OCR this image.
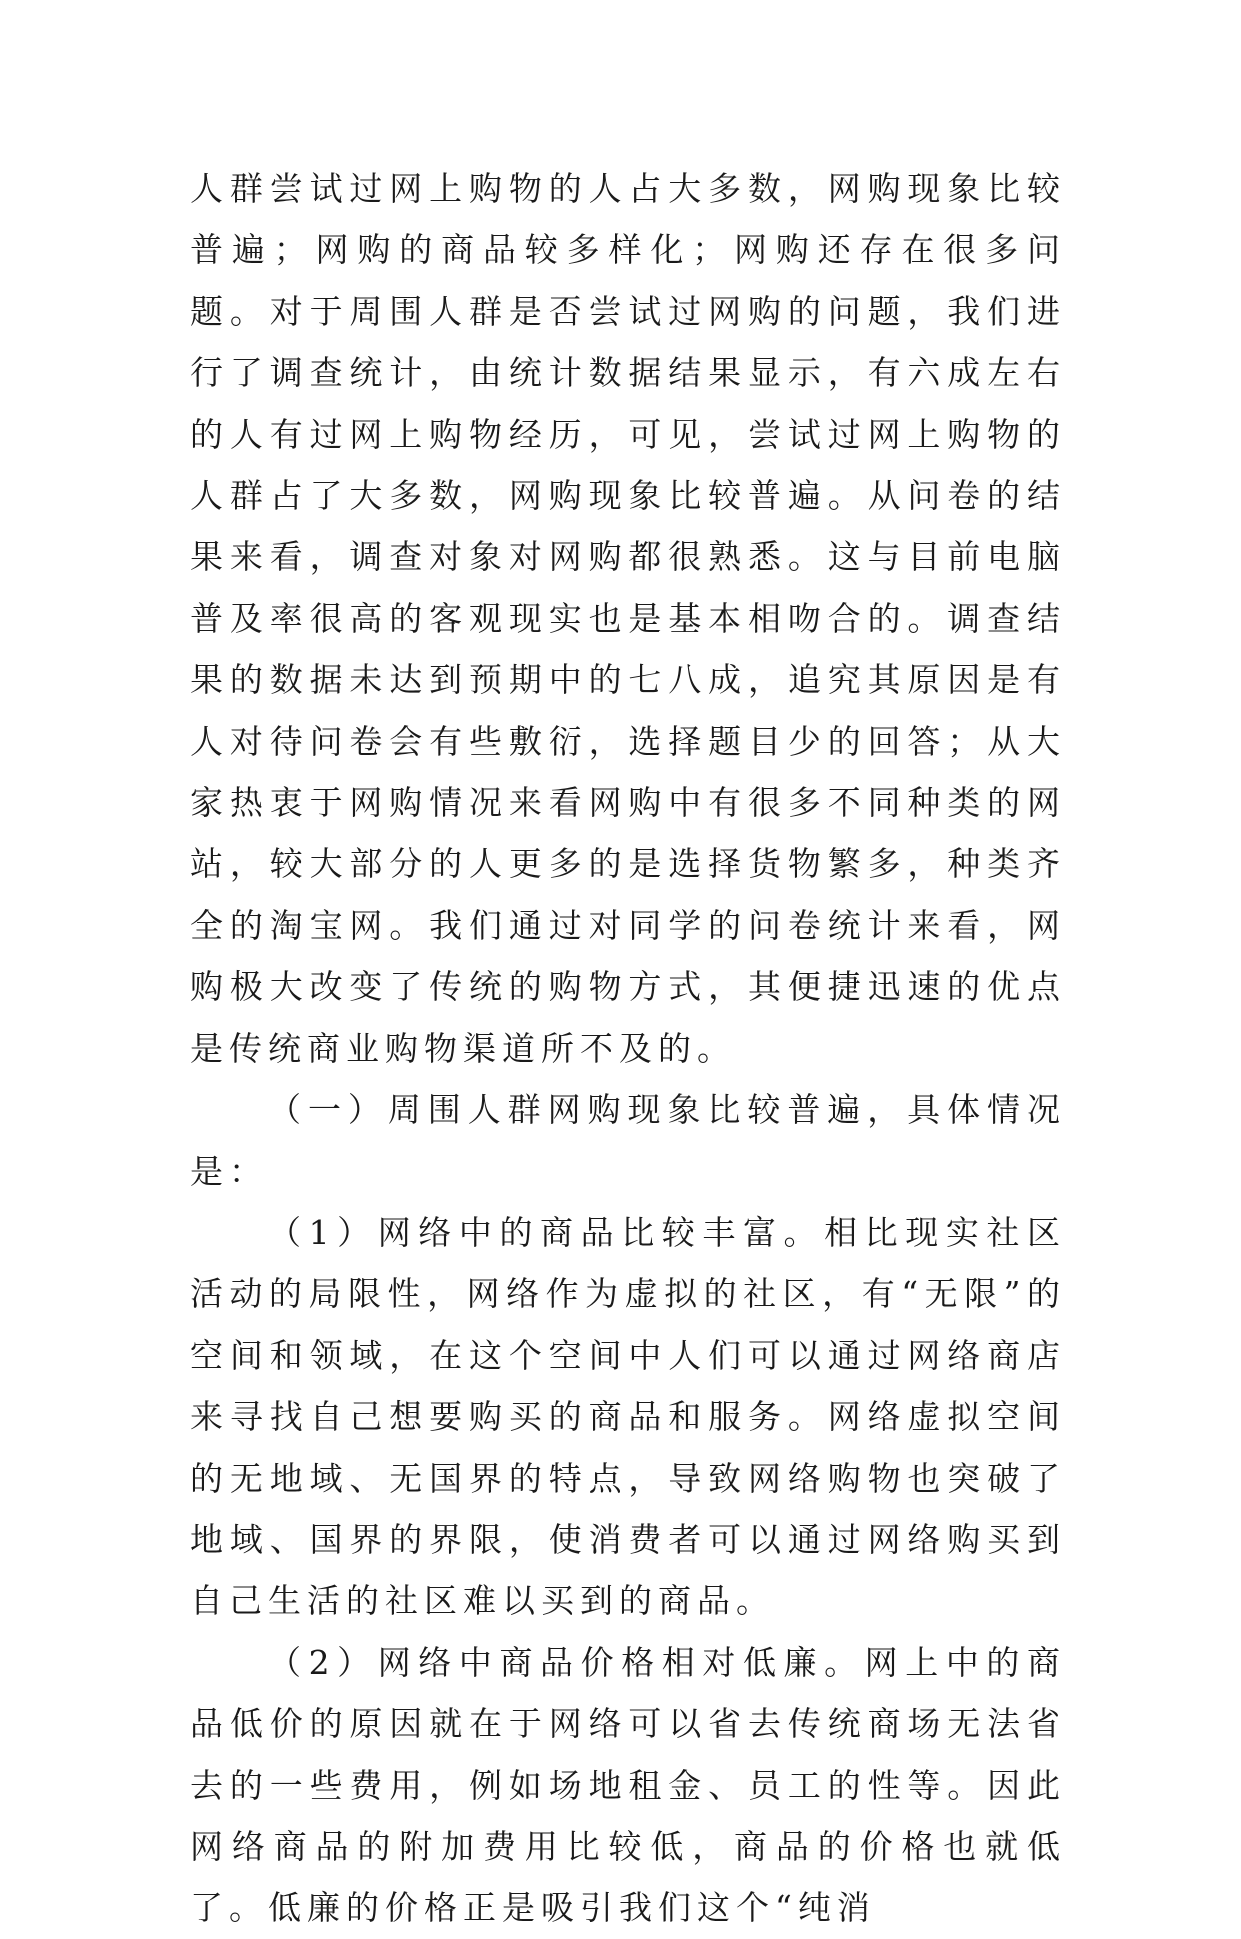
人群尝试过网上购物的人占大多数，网购现象比较普遍；网购的商品较多样化；网购还存在很多问题。对于周围人群是否尝试过网购的问题，我们进行了调查统计，由统计数据结果显示，有六成左右的人有过网上购物经历，可见，尝试过网上购物的人群占了大多数，网购现象比较普遍。从问卷的结果来看，调查对象对网购都很熟悉。这与目前电脑普及率很高的客观现实也是基本相吻合的。调查结果的数据未达到预期中的七八成，追究其原因是有人对待问卷会有些敷衍，选择题目少的回答；从大家热衷于网购情况来看网购中有很多不同种类的网站，较大部分的人更多的是选择货物繁多，种类齐全的淘宝网。我们通过对同学的问卷统计来看，网购极大改变了传统的购物方式，其便捷迅速的优点是传统商业购物渠道所不及的。

（一）周围人群网购现象比较普遍，具体情况是：

（1）网络中的商品比较丰富。相比现实社区活动的局限性，网络作为虚拟的社区，有“无限”的空间和领域，在这个空间中人们可以通过网络商店来寻找自己想要购买的商品和服务。网络虚拟空间的无地域、无国界的特点，导致网络购物也突破了地域、国界的界限，使消费者可以通过网络购买到自己生活的社区难以买到的商品。

（2）网络中商品价格相对低廉。网上中的商品低价的原因就在于网络可以省去传统商场无法省去的一些费用，例如场地租金、员工的性等。因此网络商品的附加费用比较低，商品的价格也就低了。低廉的价格正是吸引我们这个“纯消
